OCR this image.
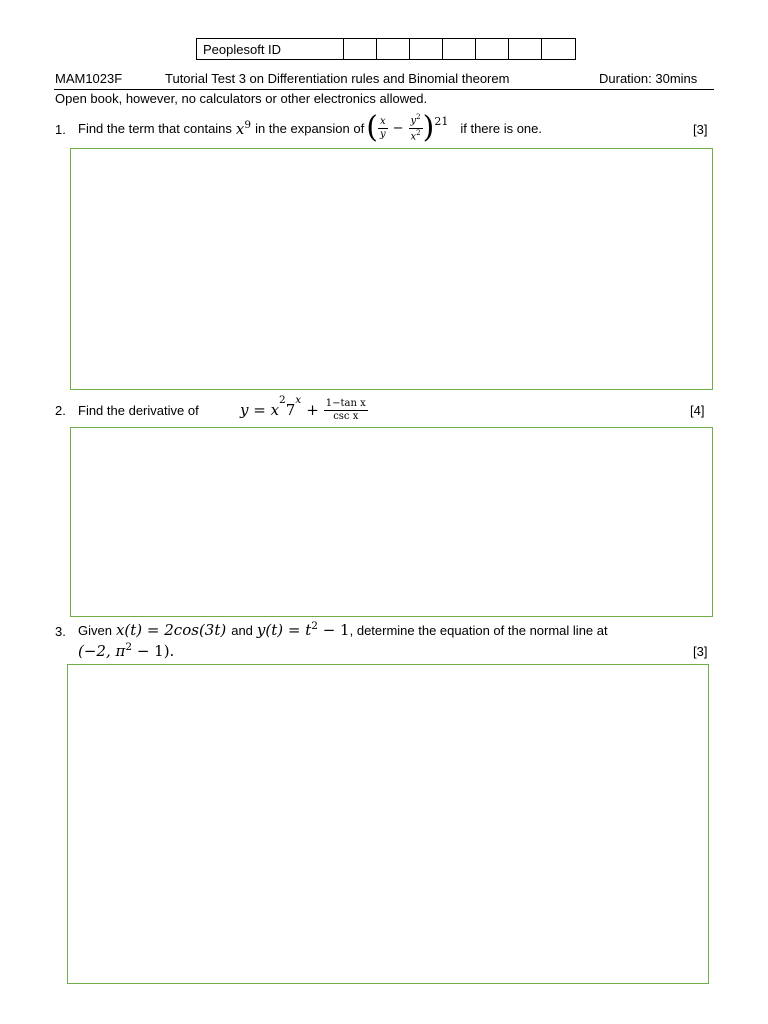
Peoplesoft ID
MAM1023F	Tutorial Test 3 on Differentiation rules and Binomial theorem	Duration: 30mins
Open book, however, no calculators or other electronics allowed.
1. Find the term that contains $x^9$ in the expansion of ( $\frac{x}{y} - \frac{y^2}{x^2}$ ) 21 if there is one.	[3]
2. Find the derivative of	y = x
$^2$
7
$^x$
+ $\frac{\text{1−tan x}}{\text{csc x}}$	[4]
3. Given x(t) = 2cos(3t) and $y(t) = t^2 - 1$ , determine the equation of the normal line at
(−2, $\pi^2 - 1$).	[3]
